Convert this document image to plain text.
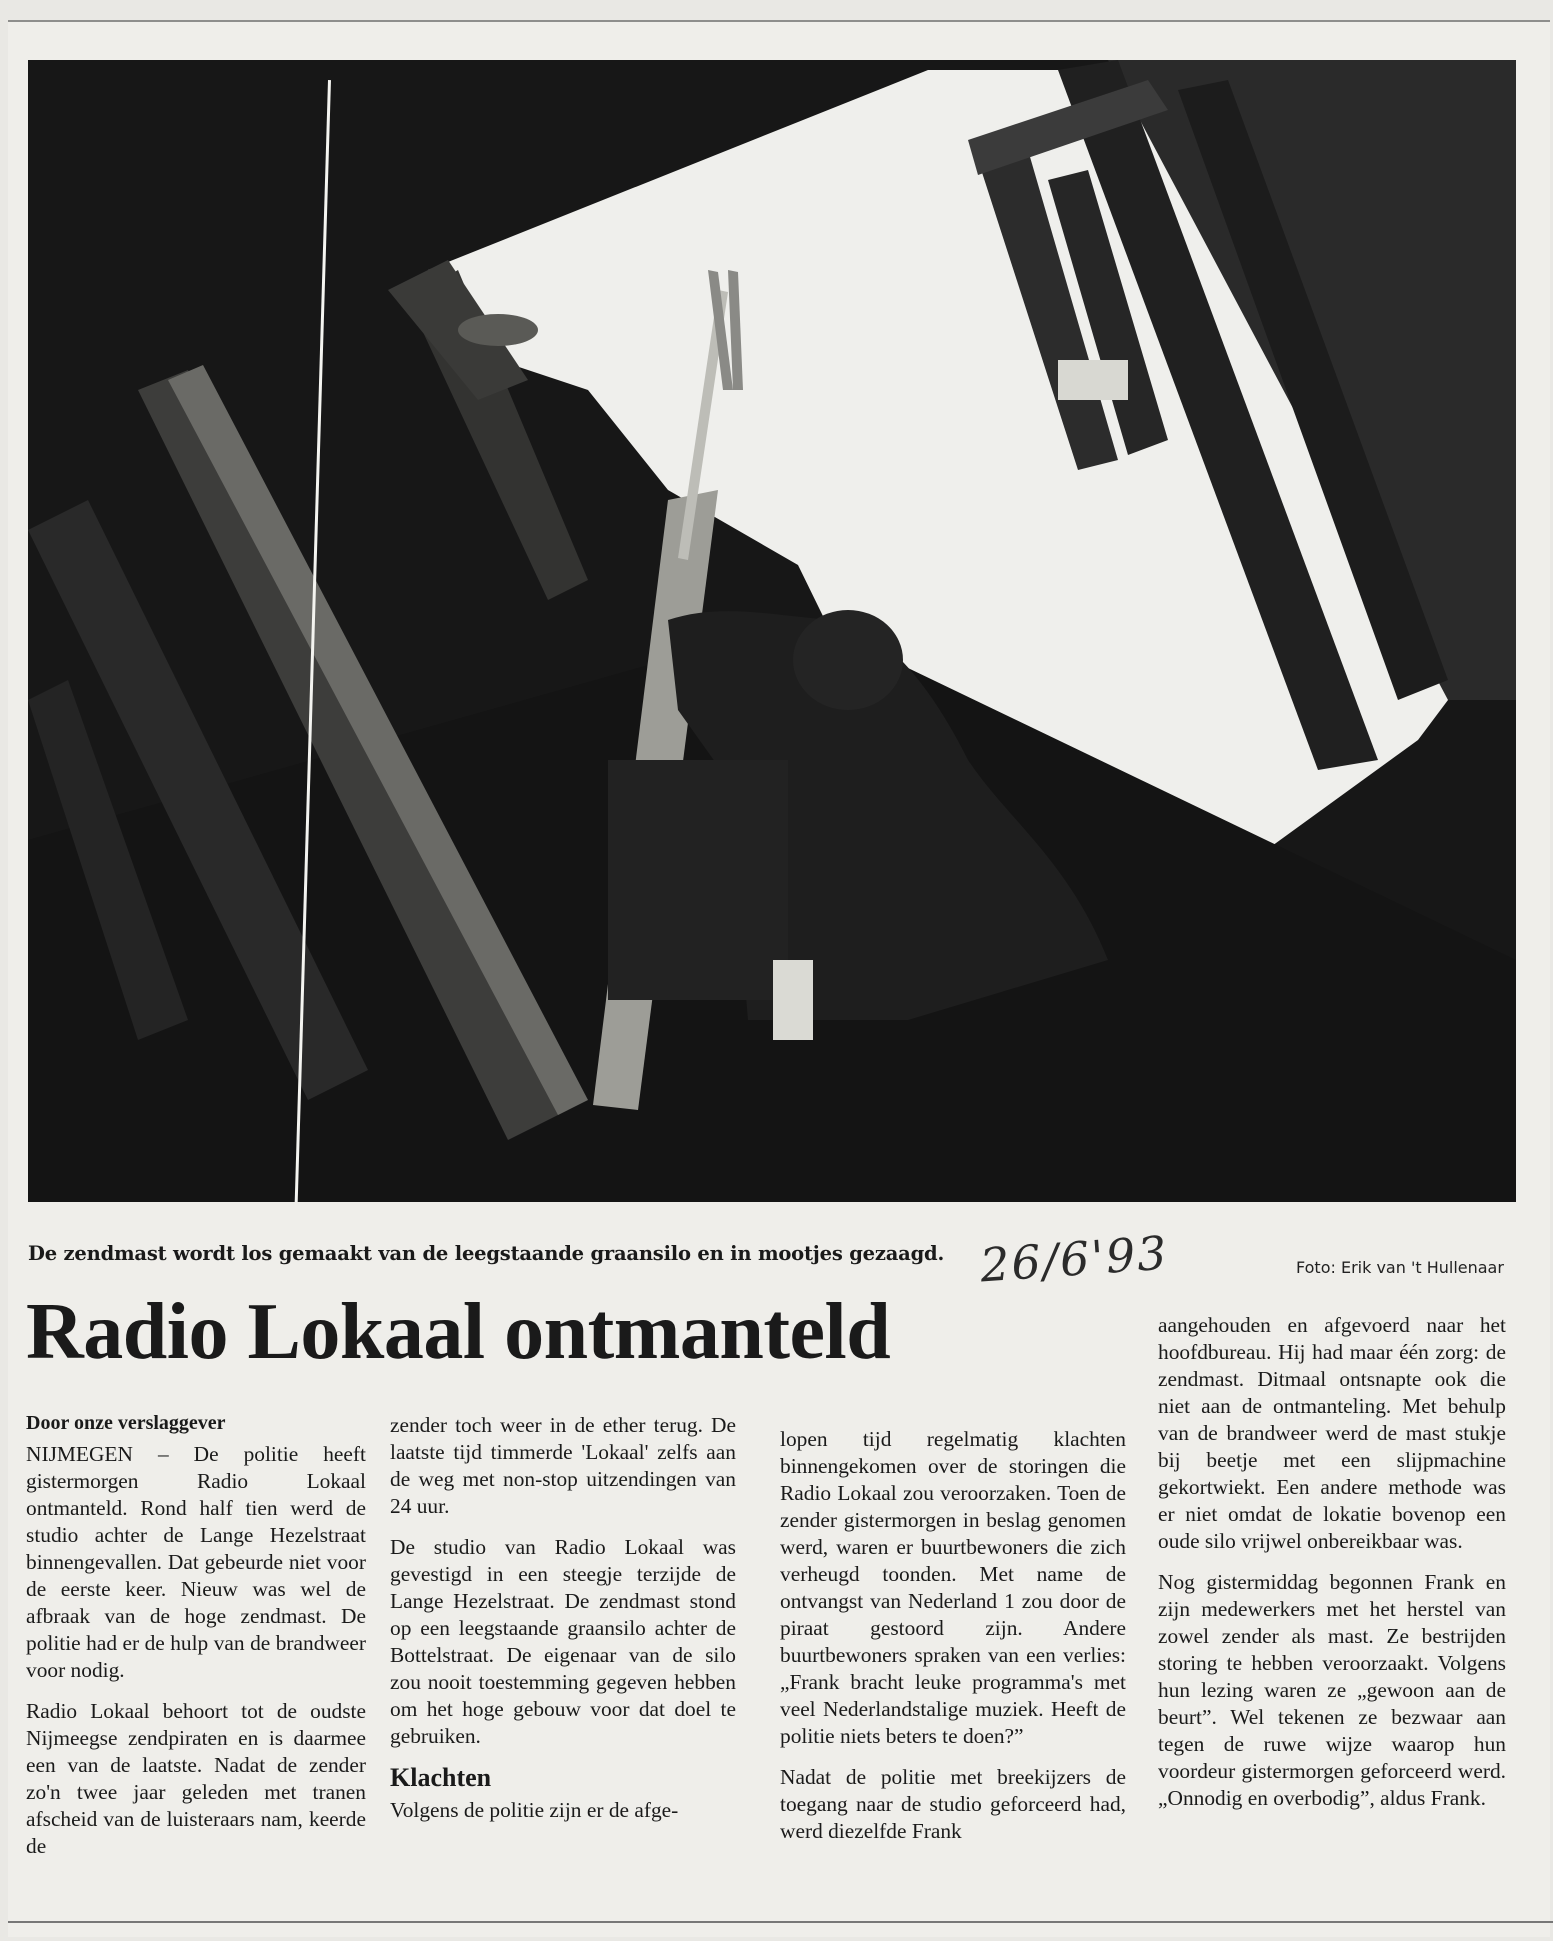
De zendmast wordt los gemaakt van de leegstaande graansilo en in mootjes gezaagd. 26/6'93	Foto: Erik van 't Hullenaar
Radio Lokaal ontmanteld
Door onze verslaggever

NIJMEGEN – De politie heeft gistermorgen Radio Lokaal ontmanteld. Rond half tien werd de studio achter de Lange Hezelstraat binnengevallen. Dat gebeurde niet voor de eerste keer. Nieuw was wel de afbraak van de hoge zendmast. De politie had er de hulp van de brandweer voor nodig.

Radio Lokaal behoort tot de oudste Nijmeegse zendpiraten en is daarmee een van de laatste. Nadat de zender zo'n twee jaar geleden met tranen afscheid van de luisteraars nam, keerde de

zender toch weer in de ether terug. De laatste tijd timmerde 'Lokaal' zelfs aan de weg met non-stop uitzendingen van 24 uur.

De studio van Radio Lokaal was gevestigd in een steegje terzijde de Lange Hezelstraat. De zendmast stond op een leegstaande graansilo achter de Bottelstraat. De eigenaar van de silo zou nooit toestemming gegeven hebben om het hoge gebouw voor dat doel te gebruiken.

Klachten

Volgens de politie zijn er de afge-

lopen tijd regelmatig klachten binnengekomen over de storingen die Radio Lokaal zou veroorzaken. Toen de zender gistermorgen in beslag genomen werd, waren er buurtbewoners die zich verheugd toonden. Met name de ontvangst van Nederland 1 zou door de piraat gestoord zijn. Andere buurtbewoners spraken van een verlies: „Frank bracht leuke programma's met veel Nederlandstalige muziek. Heeft de politie niets beters te doen?”

Nadat de politie met breekijzers de toegang naar de studio geforceerd had, werd diezelfde Frank

aangehouden en afgevoerd naar het hoofdbureau. Hij had maar één zorg: de zendmast. Ditmaal ontsnapte ook die niet aan de ontmanteling. Met behulp van de brandweer werd de mast stukje bij beetje met een slijpmachine gekortwiekt. Een andere methode was er niet omdat de lokatie bovenop een oude silo vrijwel onbereikbaar was.

Nog gistermiddag begonnen Frank en zijn medewerkers met het herstel van zowel zender als mast. Ze bestrijden storing te hebben veroorzaakt. Volgens hun lezing waren ze „gewoon aan de beurt”. Wel tekenen ze bezwaar aan tegen de ruwe wijze waarop hun voordeur gistermorgen geforceerd werd. „Onnodig en overbodig”, aldus Frank.
